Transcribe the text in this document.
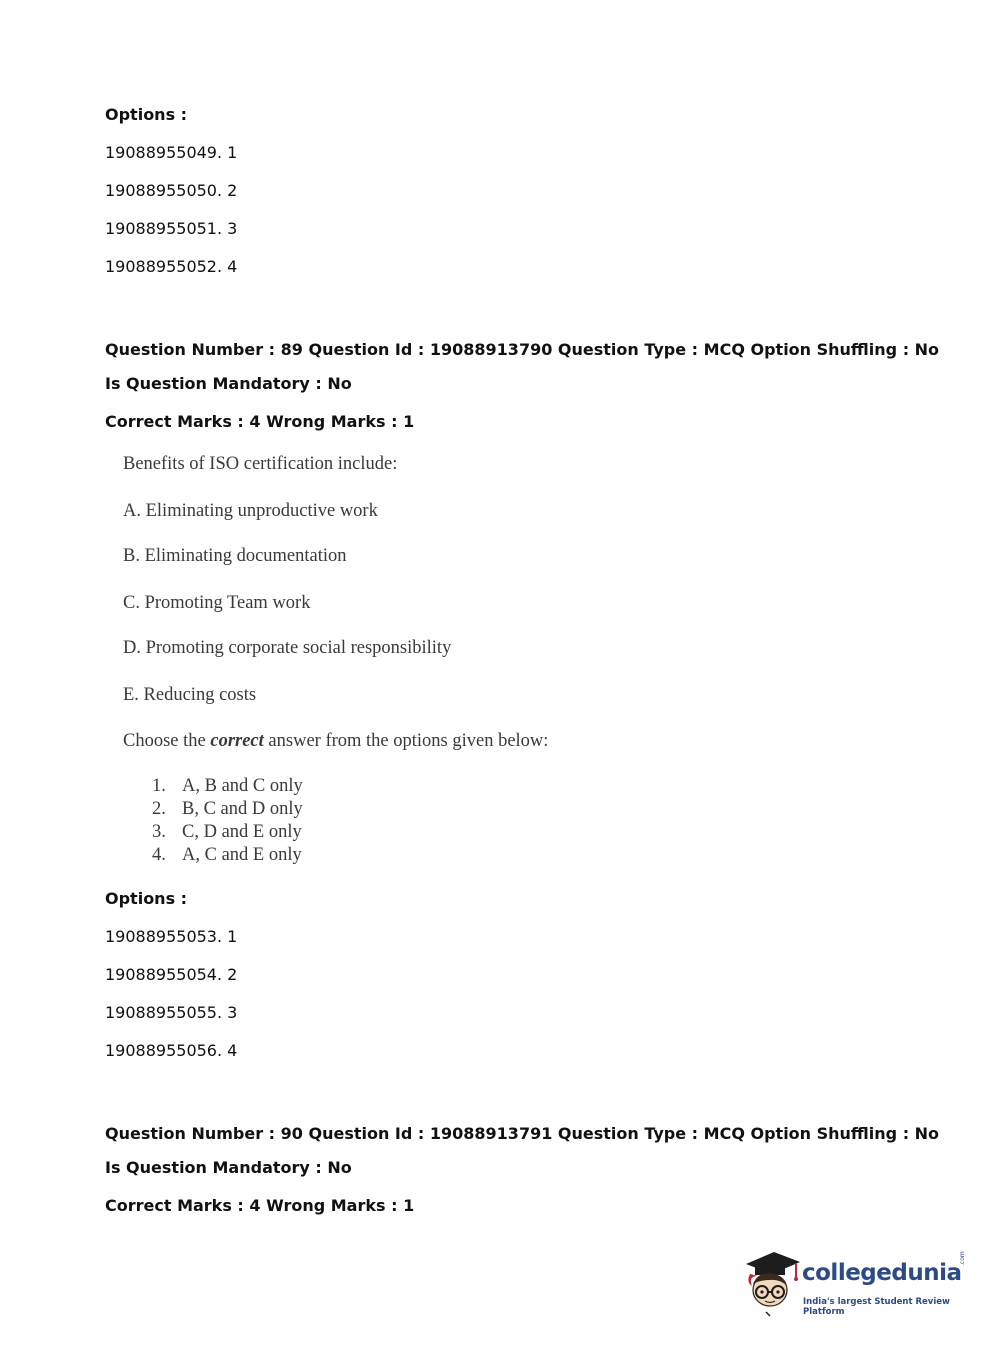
Options :

19088955049. 1

19088955050. 2

19088955051. 3

19088955052. 4

Question Number : 89 Question Id : 19088913790 Question Type : MCQ Option Shuffling : No

Is Question Mandatory : No

Correct Marks : 4 Wrong Marks : 1

Benefits of ISO certification include:

A. Eliminating unproductive work

B. Eliminating documentation

C. Promoting Team work

D. Promoting corporate social responsibility

E. Reducing costs

Choose the correct answer from the options given below:

1. A, B and C only

2. B, C and D only

3. C, D and E only

4. A, C and E only

Options :

19088955053. 1

19088955054. 2

19088955055. 3

19088955056. 4

Question Number : 90 Question Id : 19088913791 Question Type : MCQ Option Shuffling : No

Is Question Mandatory : No

Correct Marks : 4 Wrong Marks : 1

collegedunia
.com
India's largest Student Review Platform
